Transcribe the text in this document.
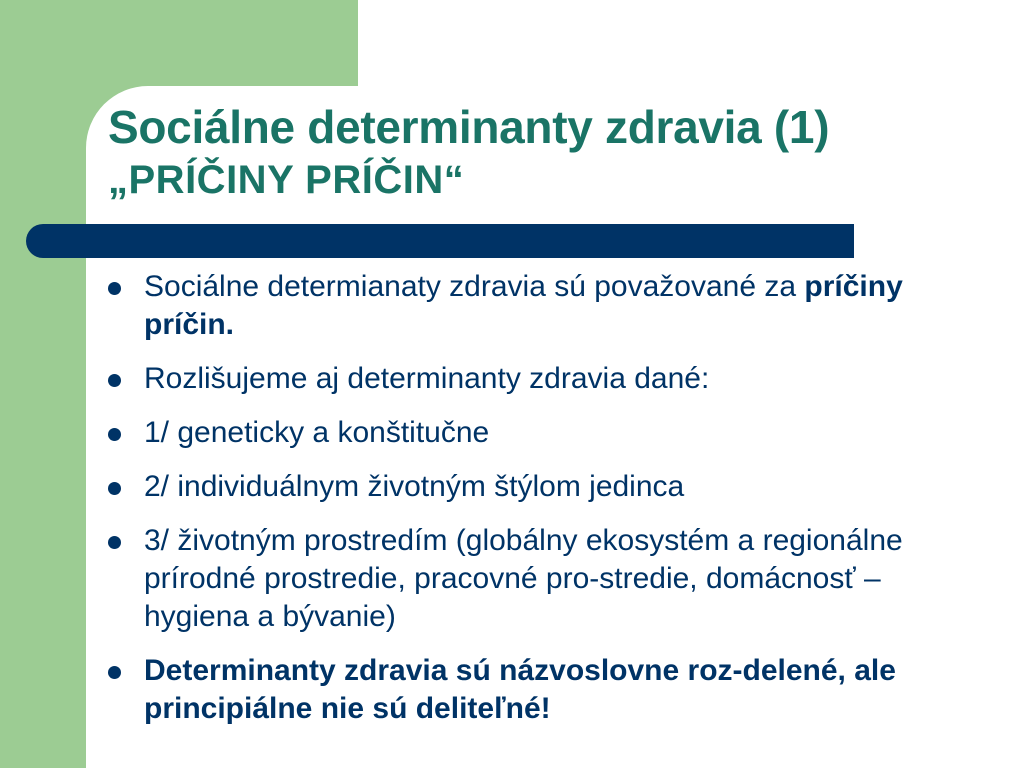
Sociálne determinanty zdravia (1)
„PRÍČINY PRÍČIN“
Sociálne determianaty zdravia sú považované za príčiny príčin.
Rozlišujeme aj determinanty zdravia dané:
1/ geneticky a konštitučne
2/ individuálnym životným štýlom jedinca
3/ životným prostredím (globálny ekosystém a regionálne prírodné prostredie, pracovné pro-stredie, domácnosť – hygiena a bývanie)
Determinanty zdravia sú názvoslovne roz-delené, ale principiálne nie sú deliteľné!
